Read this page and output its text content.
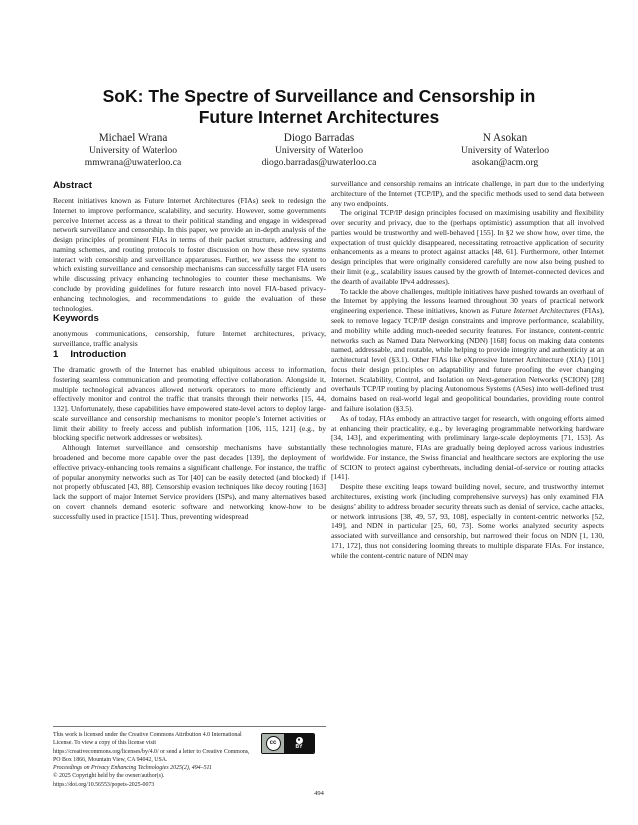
SoK: The Spectre of Surveillance and Censorship in
Future Internet Architectures
Michael Wrana
University of Waterloo
mmwrana@uwaterloo.ca
Diogo Barradas
University of Waterloo
diogo.barradas@uwaterloo.ca
N Asokan
University of Waterloo
asokan@acm.org
Abstract

Recent initiatives known as Future Internet Architectures (FIAs) seek to redesign the Internet to improve performance, scalability, and security. However, some governments perceive Internet access as a threat to their political standing and engage in widespread network surveillance and censorship. In this paper, we provide an in-depth analysis of the design principles of prominent FIAs in terms of their packet structure, addressing and naming schemes, and routing protocols to foster discussion on how these new systems interact with censorship and surveillance apparatuses. Further, we assess the extent to which existing surveillance and censorship mechanisms can successfully target FIA users while discussing privacy enhancing technologies to counter these mechanisms. We conclude by providing guidelines for future research into novel FIA-based privacy-enhancing technologies, and recommendations to guide the evaluation of these technologies.

Keywords

anonymous communications, censorship, future Internet architectures, privacy, surveillance, traffic analysis

1 Introduction

The dramatic growth of the Internet has enabled ubiquitous access to information, fostering seamless communication and promoting effective collaboration. Alongside it, multiple technological advances allowed network operators to more efficiently and effectively monitor and control the traffic that transits through their networks [15, 44, 132]. Unfortunately, these capabilities have empowered state-level actors to deploy large-scale surveillance and censorship mechanisms to monitor people’s Internet activities or limit their ability to freely access and publish information [106, 115, 121] (e.g., by blocking specific network addresses or websites).

Although Internet surveillance and censorship mechanisms have substantially broadened and become more capable over the past decades [139], the deployment of effective privacy-enhancing tools remains a significant challenge. For instance, the traffic of popular anonymity networks such as Tor [40] can be easily detected (and blocked) if not properly obfuscated [43, 88]. Censorship evasion techniques like decoy routing [163] lack the support of major Internet Service providers (ISPs), and many alternatives based on covert channels demand esoteric software and networking know-how to be successfully used in practice [151]. Thus, preventing widespread

surveillance and censorship remains an intricate challenge, in part due to the underlying architecture of the Internet (TCP/IP), and the specific methods used to send data between any two endpoints.

The original TCP/IP design principles focused on maximising usability and flexibility over security and privacy, due to the (perhaps optimistic) assumption that all involved parties would be trustworthy and well-behaved [155]. In §2 we show how, over time, the expectation of trust quickly disappeared, necessitating retroactive application of security enhancements as a means to protect against attacks [48, 61]. Furthermore, other Internet design principles that were originally considered carefully are now also being pushed to their limit (e.g., scalability issues caused by the growth of Internet-connected devices and the dearth of available IPv4 addresses).

To tackle the above challenges, multiple initiatives have pushed towards an overhaul of the Internet by applying the lessons learned throughout 30 years of practical network engineering experience. These initiatives, known as Future Internet Architectures (FIAs), seek to remove legacy TCP/IP design constraints and improve performance, scalability, and mobility while adding much-needed security features. For instance, content-centric networks such as Named Data Networking (NDN) [168] focus on making data contents named, addressable, and routable, while helping to provide integrity and authenticity at an architectural level (§3.1). Other FIAs like eXpressive Internet Architecture (XIA) [101] focus their design principles on adaptability and future proofing the ever changing Internet. Scalability, Control, and Isolation on Next-generation Networks (SCION) [28] overhauls TCP/IP routing by placing Autonomous Systems (ASes) into well-defined trust domains based on real-world legal and geopolitical boundaries, providing route control and failure isolation (§3.5).

As of today, FIAs embody an attractive target for research, with ongoing efforts aimed at enhancing their practicality, e.g., by leveraging programmable networking hardware [34, 143], and experimenting with preliminary large-scale deployments [71, 153]. As these technologies mature, FIAs are gradually being deployed across various industries worldwide. For instance, the Swiss financial and healthcare sectors are exploring the use of SCION to protect against cyberthreats, including denial-of-service or routing attacks [141].

Despite these exciting leaps toward building novel, secure, and trustworthy internet architectures, existing work (including comprehensive surveys) has only examined FIA designs’ ability to address broader security threats such as denial of service, cache attacks, or network intrusions [38, 49, 57, 93, 108], especially in content-centric networks [52, 149], and NDN in particular [25, 60, 73]. Some works analyzed security aspects associated with surveillance and censorship, but narrowed their focus on NDN [1, 130, 171, 172], thus not considering looming threats to multiple disparate FIAs. For instance, while the content-centric nature of NDN may

This work is licensed under the Creative Commons Attribution 4.0 International License. To view a copy of this license visit https://creativecommons.org/licenses/by/4.0/ or send a letter to Creative Commons, PO Box 1866, Mountain View, CA 94042, USA.
cc
●
BY
Proceedings on Privacy Enhancing Technologies 2025(2), 494–511
© 2025 Copyright held by the owner/author(s).
https://doi.org/10.56553/popets-2025-0073
494
